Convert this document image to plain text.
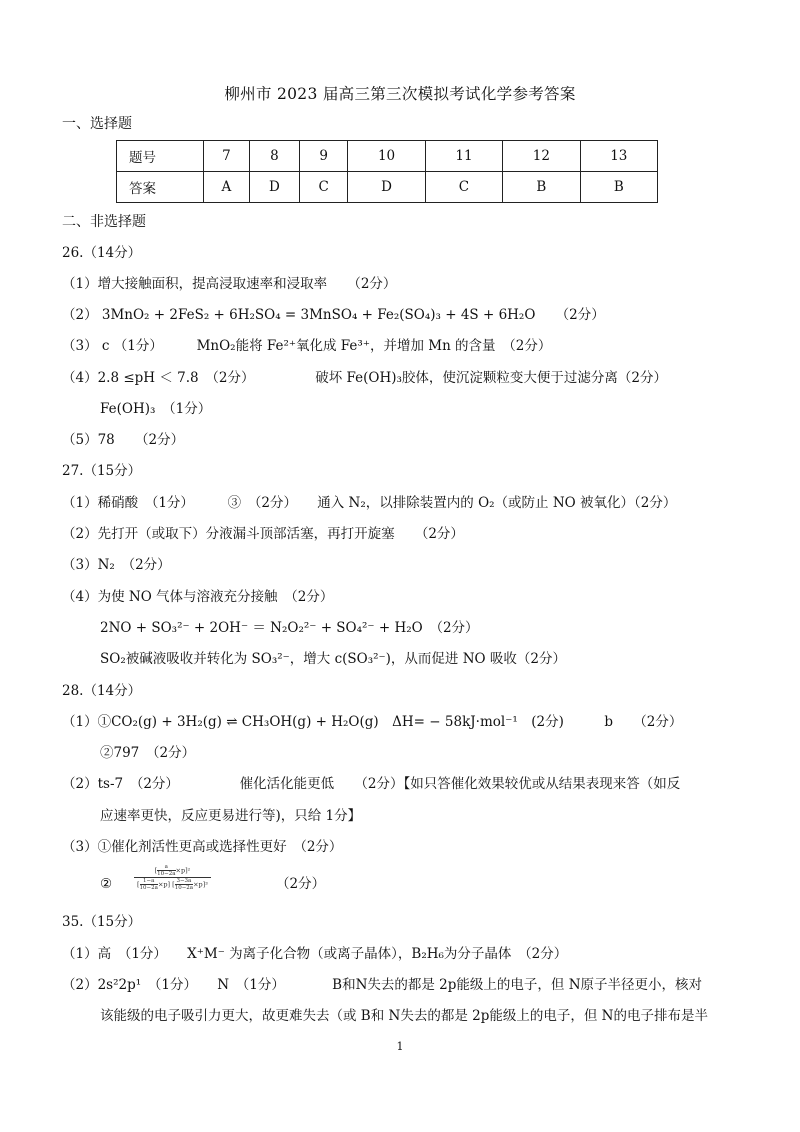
柳州市 2023 届高三第三次模拟考试化学参考答案
一、选择题
题号	7	8	9	10	11	12	13
答案	A	D	C	D	C	B	B
二、非选择题
26.（14分）
（1）增大接触面积，提高浸取速率和浸取率　　（2分）
（2） 3MnO₂ + 2FeS₂ + 6H₂SO₄ = 3MnSO₄ + Fe₂(SO₄)₃ + 4S + 6H₂O　　（2分）
（3） c （1分）　　　MnO₂能将 Fe²⁺氧化成 Fe³⁺，并增加 Mn 的含量　（2分）
（4）2.8 ≤pH ＜ 7.8　（2分）　　　　　破坏 Fe(OH)₃胶体，使沉淀颗粒变大便于过滤分离（2分）
Fe(OH)₃　（1分）
（5）78　　（2分）
27.（15分）
（1）稀硝酸　（1分）　　　③　（2分）　　通入 N₂，以排除装置内的 O₂（或防止 NO 被氧化）（2分）
（2）先打开（或取下）分液漏斗顶部活塞，再打开旋塞　　（2分）
（3）N₂　（2分）
（4）为使 NO 气体与溶液充分接触　（2分）
2NO + SO₃²⁻ + 2OH⁻ ＝ N₂O₂²⁻ + SO₄²⁻ + H₂O　（2分）
SO₂被碱液吸收并转化为 SO₃²⁻，增大 c(SO₃²⁻)，从而促进 NO 吸收（2分）
28.（14分）
（1）①CO₂(g) + 3H₂(g) ⇌ CH₃OH(g) + H₂O(g)　ΔH= − 58kJ·mol⁻¹　(2分)　　　b　　（2分）
②797　（2分）
（2）ts-7　（2分）　　　　　催化活化能更低　　（2分）【如只答催化效果较优或从结果表现来答（如反
应速率更快，反应更易进行等)，只给 1分】
（3）①催化剂活性更高或选择性更好　（2分）
②	$\frac{[ \frac{a}{10-2a} \times p]^2}{[ \frac{1-a}{10-2a} \times p] [ \frac{3-3a}{10-2a} \times p]^3}$	（2分）
35.（15分）
（1）高　（1分）　　X⁺M⁻ 为离子化合物（或离子晶体），B₂H₆为分子晶体　（2分）
（2）2s²2p¹　（1分）　　N　（1分）　　　　B和N失去的都是 2p能级上的电子，但 N原子半径更小，核对
该能级的电子吸引力更大，故更难失去（或 B和 N失去的都是 2p能级上的电子，但 N的电子排布是半
1
